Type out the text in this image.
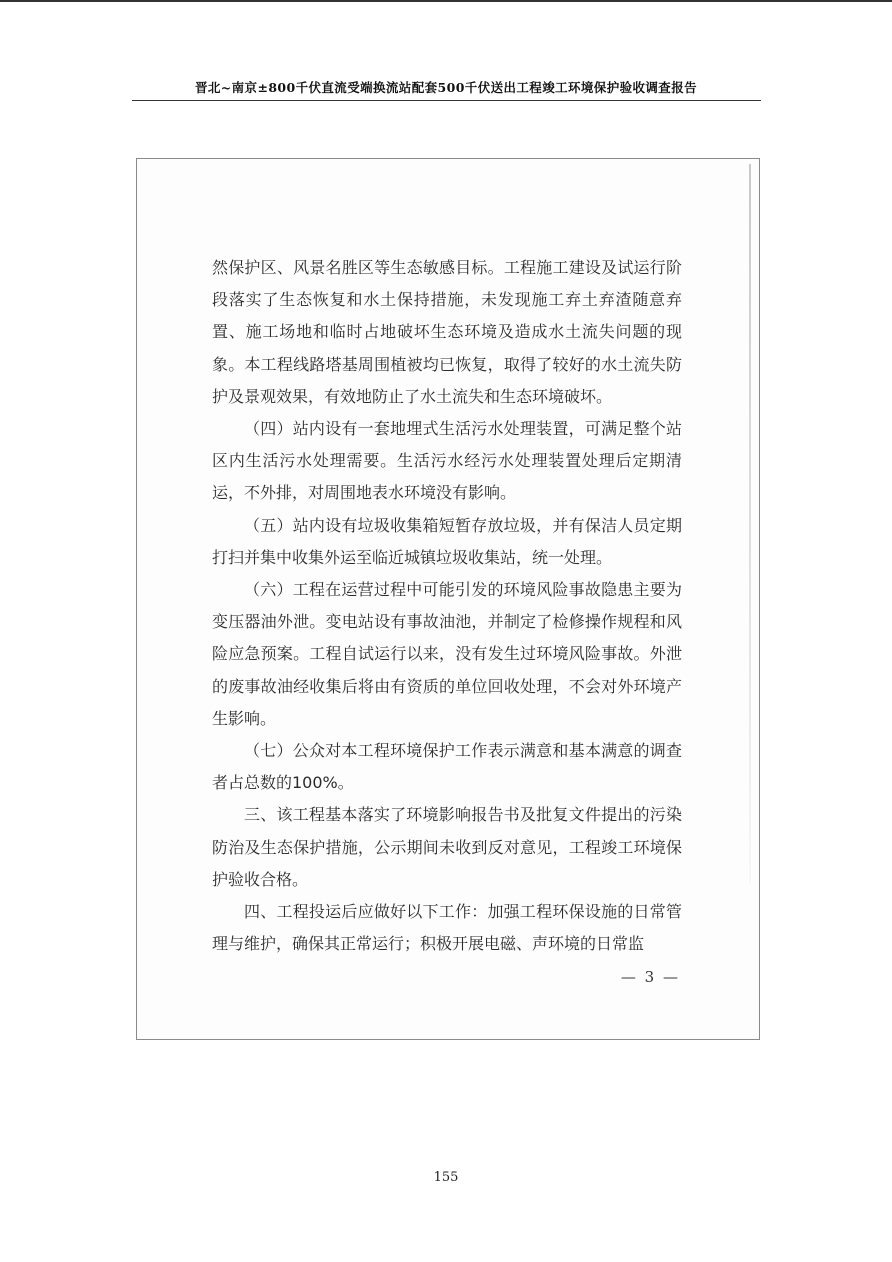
晋北~南京±800千伏直流受端换流站配套500千伏送出工程竣工环境保护验收调查报告

然保护区、风景名胜区等生态敏感目标。工程施工建设及试运行阶段落实了生态恢复和水土保持措施，未发现施工弃土弃渣随意弃置、施工场地和临时占地破坏生态环境及造成水土流失问题的现象。本工程线路塔基周围植被均已恢复，取得了较好的水土流失防护及景观效果，有效地防止了水土流失和生态环境破坏。

（四）站内设有一套地埋式生活污水处理装置，可满足整个站区内生活污水处理需要。生活污水经污水处理装置处理后定期清运，不外排，对周围地表水环境没有影响。

（五）站内设有垃圾收集箱短暂存放垃圾，并有保洁人员定期打扫并集中收集外运至临近城镇垃圾收集站，统一处理。

（六）工程在运营过程中可能引发的环境风险事故隐患主要为变压器油外泄。变电站设有事故油池，并制定了检修操作规程和风险应急预案。工程自试运行以来，没有发生过环境风险事故。外泄的废事故油经收集后将由有资质的单位回收处理，不会对外环境产生影响。

（七）公众对本工程环境保护工作表示满意和基本满意的调查者占总数的100%。

三、该工程基本落实了环境影响报告书及批复文件提出的污染防治及生态保护措施，公示期间未收到反对意见，工程竣工环境保护验收合格。

四、工程投运后应做好以下工作：加强工程环保设施的日常管理与维护，确保其正常运行；积极开展电磁、声环境的日常监

— 3 —
155
